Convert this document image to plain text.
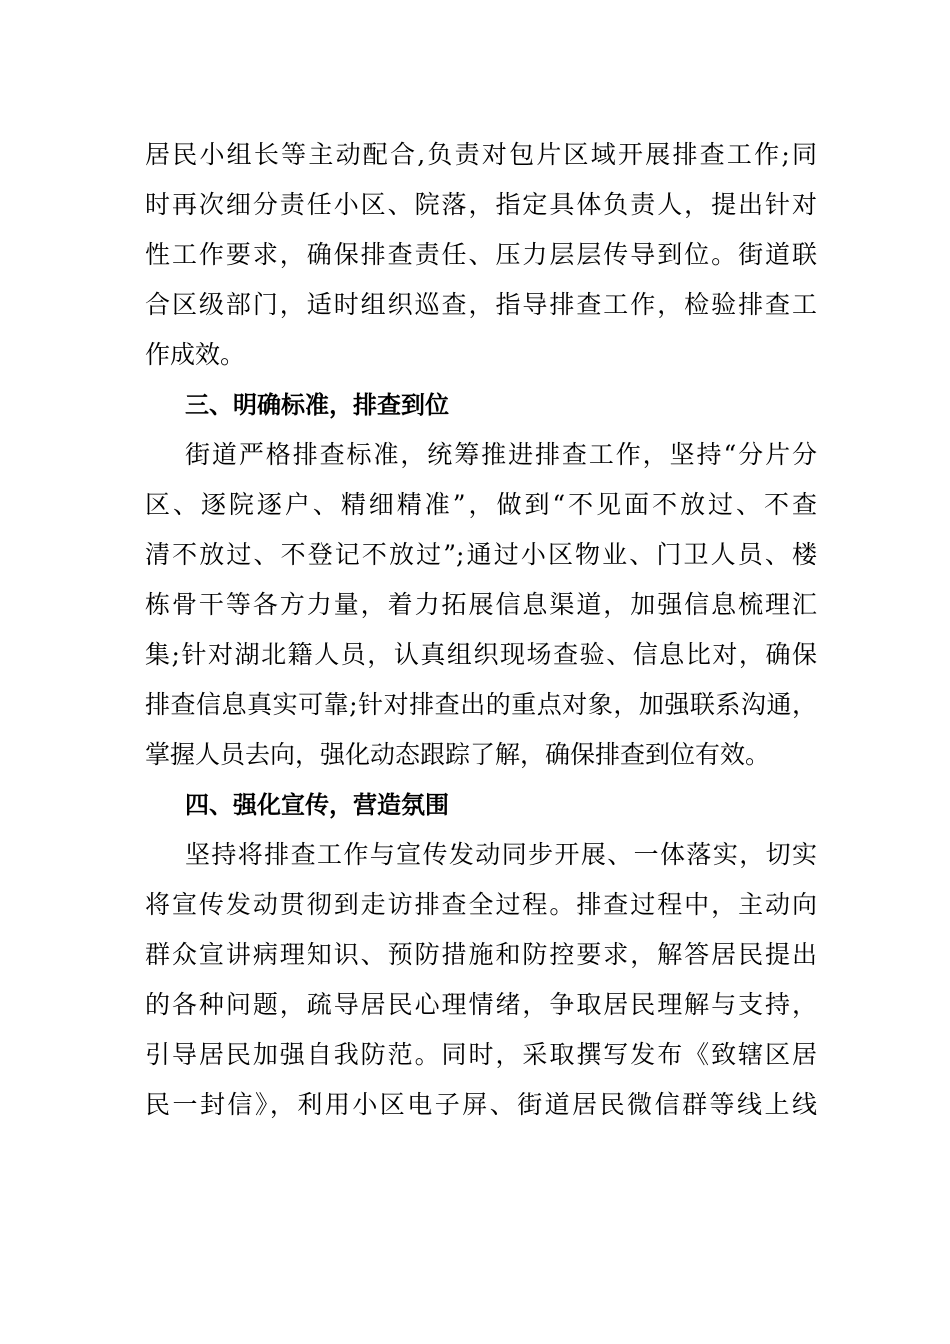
居民小组长等主动配合,负责对包片区域开展排查工作;同
时再次细分责任小区、院落，指定具体负责人，提出针对
性工作要求，确保排查责任、压力层层传导到位。街道联
合区级部门，适时组织巡查，指导排查工作，检验排查工
作成效。
三、明确标准，排查到位
街道严格排查标准，统筹推进排查工作，坚持“分片分
区、逐院逐户、精细精准”，做到“不见面不放过、不查
清不放过、不登记不放过”;通过小区物业、门卫人员、楼
栋骨干等各方力量，着力拓展信息渠道，加强信息梳理汇
集;针对湖北籍人员，认真组织现场查验、信息比对，确保
排查信息真实可靠;针对排查出的重点对象，加强联系沟通，
掌握人员去向，强化动态跟踪了解，确保排查到位有效。
四、强化宣传，营造氛围
坚持将排查工作与宣传发动同步开展、一体落实，切实
将宣传发动贯彻到走访排查全过程。排查过程中，主动向
群众宣讲病理知识、预防措施和防控要求，解答居民提出
的各种问题，疏导居民心理情绪，争取居民理解与支持，
引导居民加强自我防范。同时，采取撰写发布《致辖区居
民一封信》，利用小区电子屏、街道居民微信群等线上线
